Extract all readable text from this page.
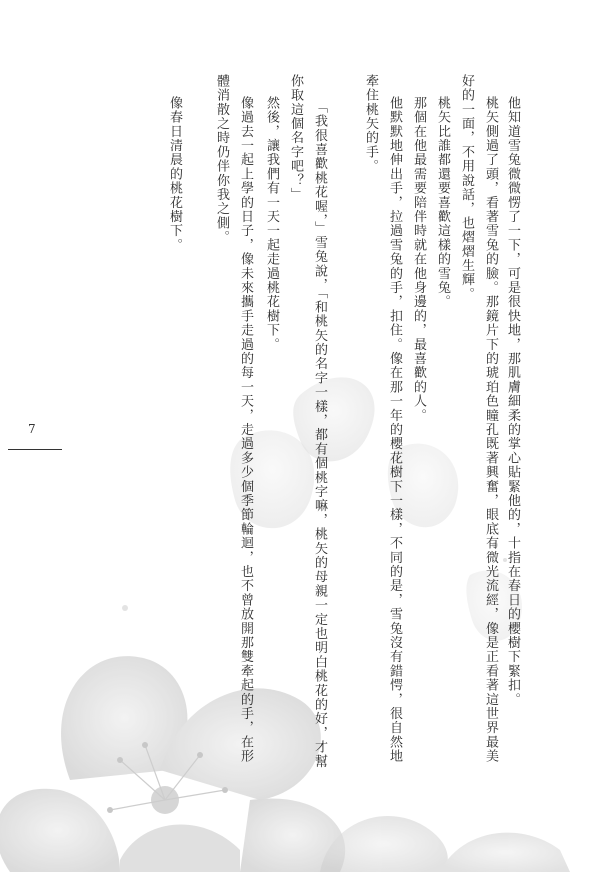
他知道雪兔微微愣了一下，可是很快地，那肌膚細柔的掌心貼緊他的，十指在春日的櫻樹下緊扣。
桃矢側過了頭，看著雪兔的臉。那鏡片下的琥珀色瞳孔既著興奮，眼底有微光流經，像是正看著這世界最美
好的一面，不用說話，也熠熠生輝。
桃矢比誰都還要喜歡這樣的雪兔。
那個在他最需要陪伴時就在他身邊的，最喜歡的人。
他默默地伸出手，拉過雪兔的手，扣住。像在那一年的櫻花樹下一樣，不同的是，雪兔沒有錯愕，很自然地
牽住桃矢的手。
「我很喜歡桃花喔，」雪兔說，「和桃矢的名字一樣，都有個桃字嘛，桃矢的母親一定也明白桃花的好，才幫
你取這個名字吧？」
然後，讓我們有一天一起走過桃花樹下。
像過去一起上學的日子，像未來攜手走過的每一天，走過多少個季節輪迴，也不曾放開那雙牽起的手，在形
體消散之時仍伴你我之側。
像春日清晨的桃花樹下。
7
